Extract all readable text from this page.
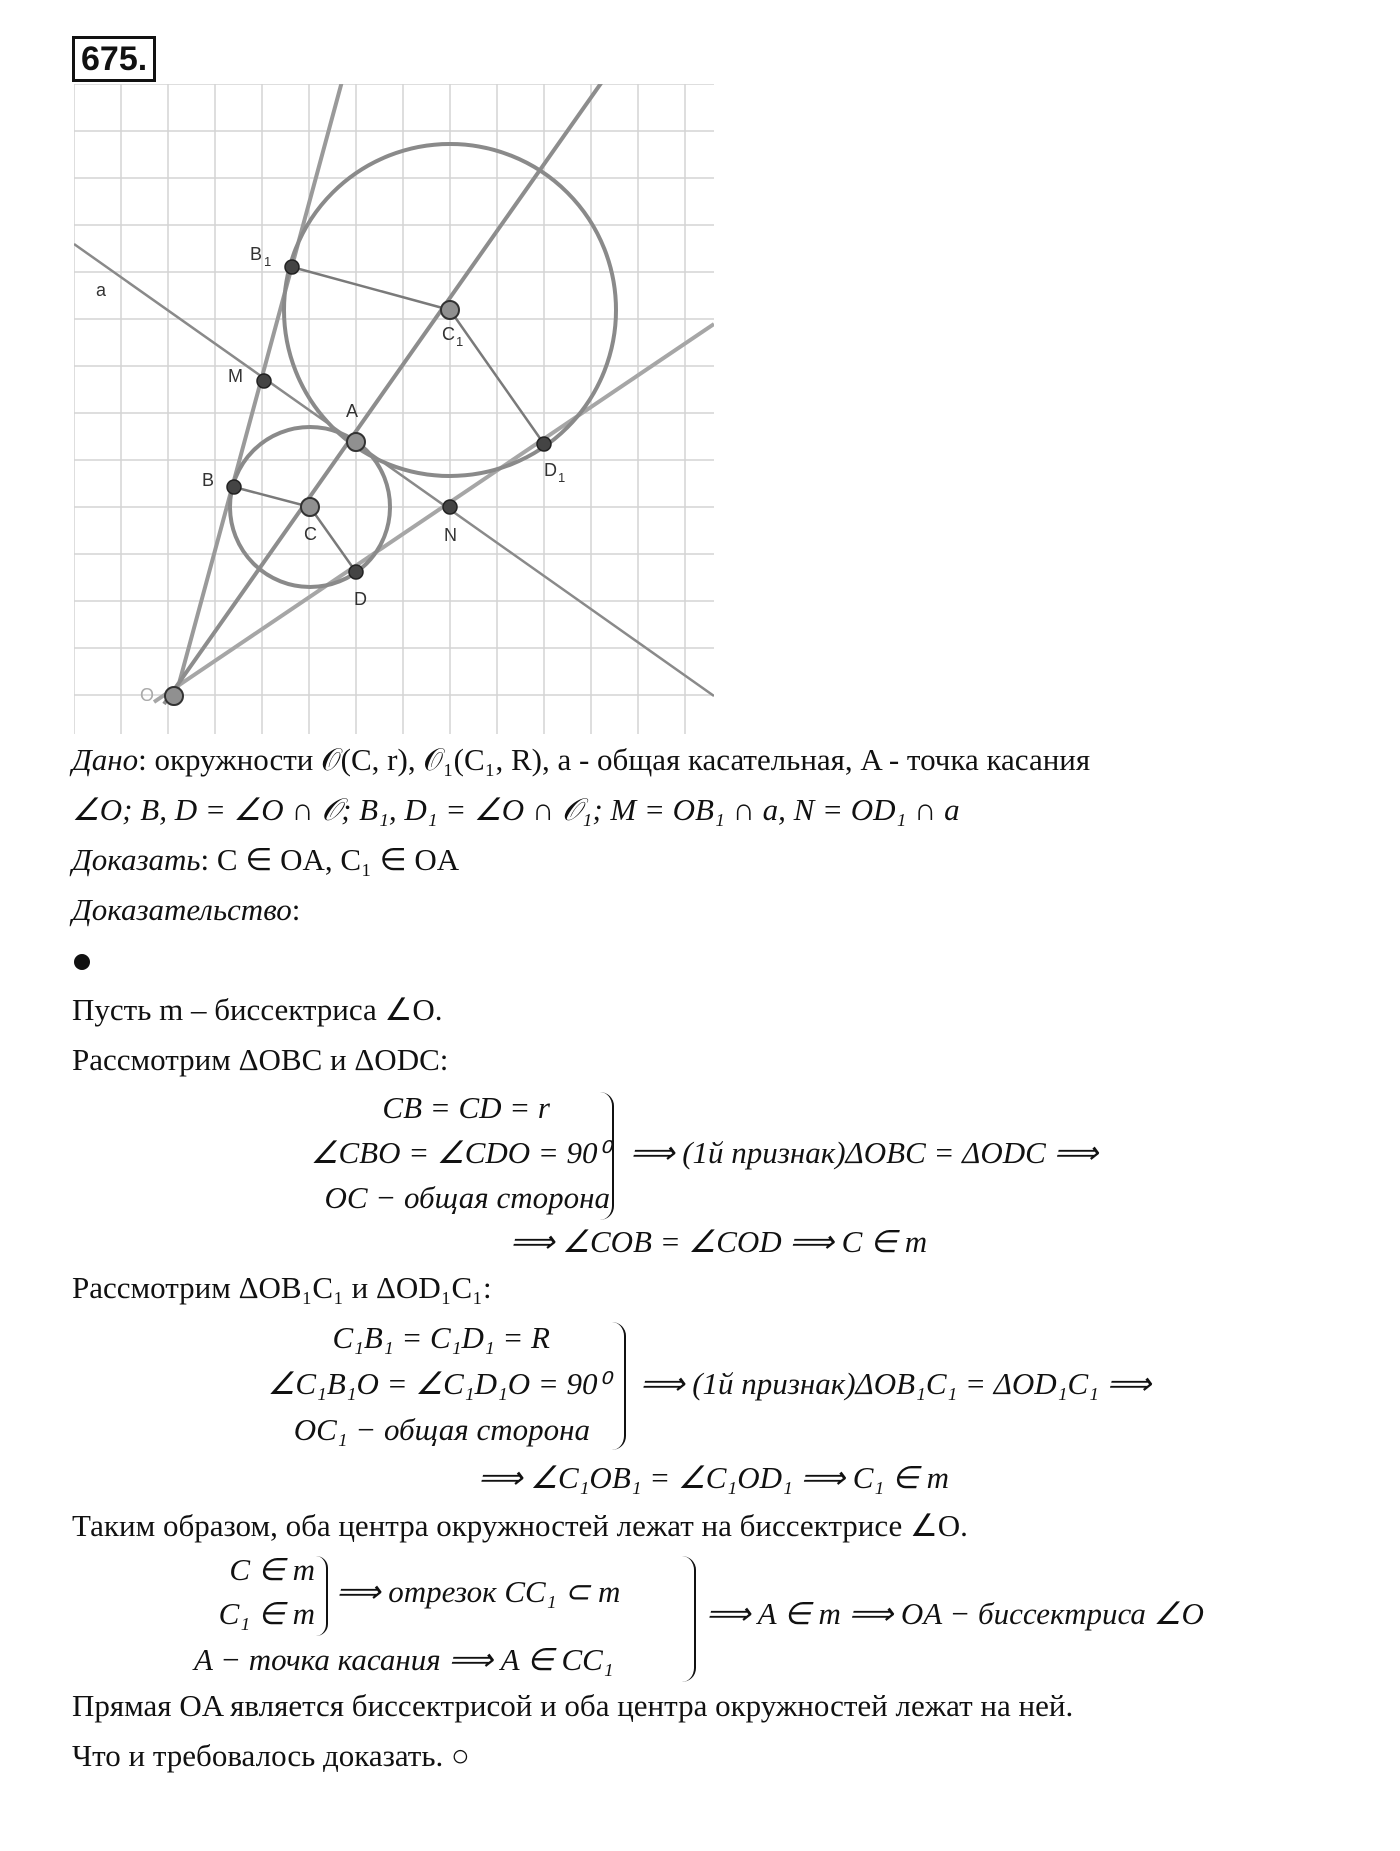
675.
a
B 1
M
A
C 1
B
C
D
N
D 1
O
Дано: окружности 𝒪(C, r), 𝒪₁(C₁, R), a - общая касательная, A - точка касания
∠O; B, D = ∠O ∩ 𝒪; B₁, D₁ = ∠O ∩ 𝒪₁; M = OB₁ ∩ a, N = OD₁ ∩ a
Доказать: C ∈ OA, C₁ ∈ OA
Доказательство:
Пусть m – биссектриса ∠O.
Рассмотрим ΔOBC и ΔODC:
CB = CD = r
∠CBO = ∠CDO = 90⁰
OC − общая сторона
⟹ (1й признак)ΔOBC = ΔODC ⟹
⟹ ∠COB = ∠COD ⟹ C ∈ m
Рассмотрим ΔOB₁C₁ и ΔOD₁C₁:
C₁B₁ = C₁D₁ = R
∠C₁B₁O = ∠C₁D₁O = 90⁰
OC₁ − общая сторона
⟹ (1й признак)ΔOB₁C₁ = ΔOD₁C₁ ⟹
⟹ ∠C₁OB₁ = ∠C₁OD₁ ⟹ C₁ ∈ m
Таким образом, оба центра окружностей лежат на биссектрисе ∠O.
C ∈ m
C₁ ∈ m
⟹ отрезок CC₁ ⊂ m
A − точка касания ⟹ A ∈ CC₁
⟹ A ∈ m ⟹ OA − биссектриса ∠O
Прямая OA является биссектрисой и оба центра окружностей лежат на ней.
Что и требовалось доказать. ○
